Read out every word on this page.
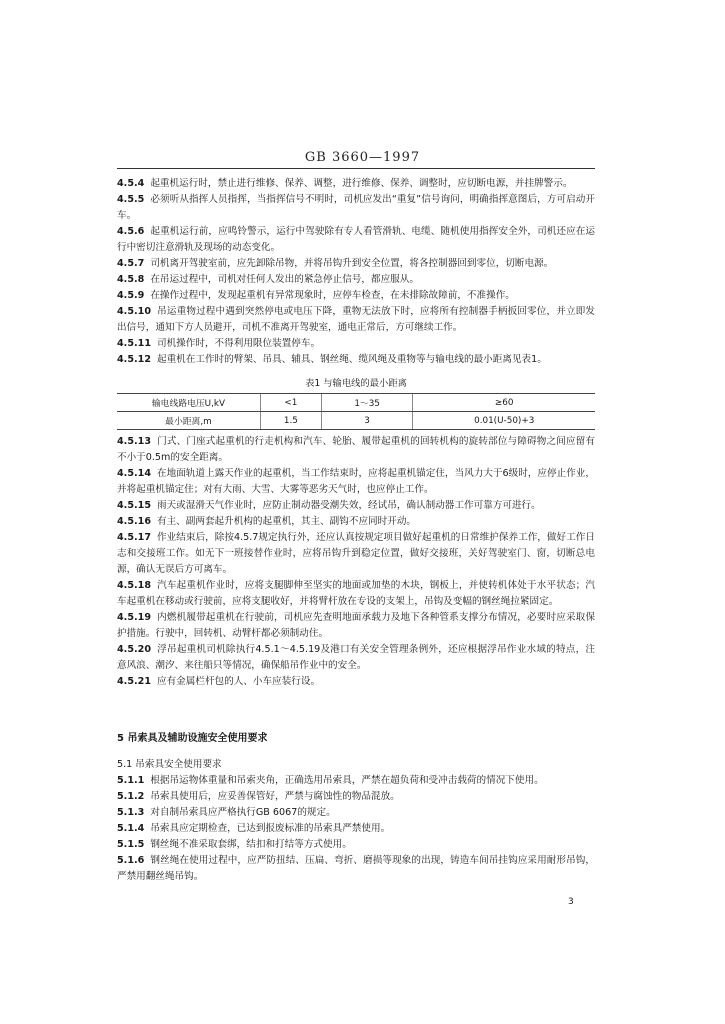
GB 3660—1997

4.5.4 起重机运行时，禁止进行维修、保养、调整，进行维修、保养、调整时，应切断电源，并挂牌警示。

4.5.5 必须听从指挥人员指挥，当指挥信号不明时，司机应发出“重复”信号询问，明确指挥意图后，方可启动开车。

4.5.6 起重机运行前，应鸣铃警示，运行中驾驶除有专人看管滑轨、电缆、随机使用指挥安全外，司机还应在运行中密切注意滑轨及现场的动态变化。

4.5.7 司机离开驾驶室前，应先卸除吊物，并将吊钩升到安全位置，将各控制器回到零位，切断电源。

4.5.8 在吊运过程中，司机对任何人发出的紧急停止信号，都应服从。

4.5.9 在操作过程中，发现起重机有异常现象时，应停车检查，在未排除故障前，不准操作。

4.5.10 吊运重物过程中遇到突然停电或电压下降，重物无法放下时，应将所有控制器手柄扳回零位，并立即发出信号，通知下方人员避开，司机不准离开驾驶室，通电正常后，方可继续工作。

4.5.11 司机操作时，不得利用限位装置停车。

4.5.12 起重机在工作时的臂架、吊具、辅具、钢丝绳、缆风绳及重物等与输电线的最小距离见表1。

表1 与输电线的最小距离
输电线路电压U,kV	<1	1～35	≥60
最小距离,m	1.5	3	0.01(U-50)+3

4.5.13 门式、门座式起重机的行走机构和汽车、轮胎、履带起重机的回转机构的旋转部位与障碍物之间应留有不小于0.5m的安全距离。

4.5.14 在地面轨道上露天作业的起重机，当工作结束时，应将起重机锚定住，当风力大于6级时，应停止作业，并将起重机锚定住；对有大雨、大雪、大雾等恶劣天气时，也应停止工作。

4.5.15 雨天或湿滑天气作业时，应防止制动器受潮失效，经试吊，确认制动器工作可靠方可进行。

4.5.16 有主、副两套起升机构的起重机，其主、副钩不应同时开动。

4.5.17 作业结束后，除按4.5.7规定执行外，还应认真按规定项目做好起重机的日常维护保养工作，做好工作日志和交接班工作。如无下一班接替作业时，应将吊钩升到稳定位置，做好交接班，关好驾驶室门、窗，切断总电源，确认无误后方可离车。

4.5.18 汽车起重机作业时，应将支腿脚伸至坚实的地面或加垫的木块，钢板上，并使转机体处于水平状态；汽车起重机在移动或行驶前，应将支腿收好，并将臂杆放在专设的支架上，吊钩及变幅的钢丝绳拉紧固定。

4.5.19 内燃机履带起重机在行驶前，司机应先查明地面承载力及地下各种管系支撑分布情况，必要时应采取保护措施。行驶中，回转机、动臂杆都必须制动住。

4.5.20 浮吊起重机司机除执行4.5.1～4.5.19及港口有关安全管理条例外，还应根据浮吊作业水域的特点，注意风浪、潮汐、来往船只等情况，确保船吊作业中的安全。

4.5.21 应有金属栏杆包的人、小车应装行设。

5 吊索具及辅助设施安全使用要求

5.1 吊索具安全使用要求

5.1.1 根据吊运物体重量和吊索夹角，正确选用吊索具，严禁在超负荷和受冲击载荷的情况下使用。

5.1.2 吊索具使用后，应妥善保管好，严禁与腐蚀性的物品混放。

5.1.3 对自制吊索具应严格执行GB 6067的规定。

5.1.4 吊索具应定期检查，已达到报废标准的吊索具严禁使用。

5.1.5 钢丝绳不准采取套绑，结扣和打结等方式使用。

5.1.6 钢丝绳在使用过程中，应严防扭结、压扁、弯折、磨损等现象的出现，铸造车间吊挂钩应采用耐形吊钩，严禁用翻丝绳吊钩。

3
